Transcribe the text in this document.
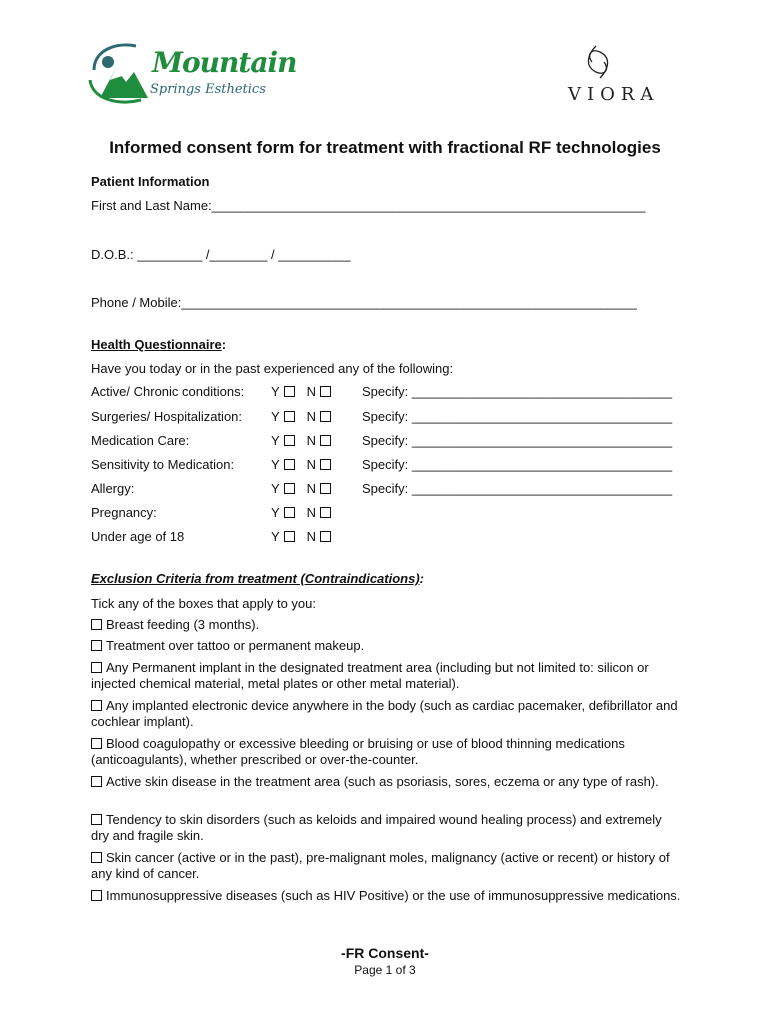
Mountain
Springs Esthetics	VIORA
Informed consent form for treatment with fractional RF technologies
Patient Information
First and Last Name:____________________________________________________________
D.O.B.: _________ /________ / __________
Phone / Mobile:_______________________________________________________________
Health Questionnaire:
Have you today or in the past experienced any of the following:
Active/ Chronic conditions: Y N	Specify: ____________________________________
Surgeries/ Hospitalization: Y N	Specify: ____________________________________
Medication Care:	Y N	Specify: ____________________________________
Sensitivity to Medication:	Y N	Specify: ____________________________________
Allergy:	Y N	Specify: ____________________________________
Pregnancy:	Y N
Under age of 18	Y N
Exclusion Criteria from treatment (Contraindications):
Tick any of the boxes that apply to you:
Breast feeding (3 months).
Treatment over tattoo or permanent makeup.
Any Permanent implant in the designated treatment area (including but not limited to: silicon or injected chemical material, metal plates or other metal material).
Any implanted electronic device anywhere in the body (such as cardiac pacemaker, defibrillator and cochlear implant).
Blood coagulopathy or excessive bleeding or bruising or use of blood thinning medications (anticoagulants), whether prescribed or over-the-counter.
Active skin disease in the treatment area (such as psoriasis, sores, eczema or any type of rash).
Tendency to skin disorders (such as keloids and impaired wound healing process) and extremely dry and fragile skin.
Skin cancer (active or in the past), pre-malignant moles, malignancy (active or recent) or history of any kind of cancer.
Immunosuppressive diseases (such as HIV Positive) or the use of immunosuppressive medications.
-FR Consent-
Page 1 of 3
